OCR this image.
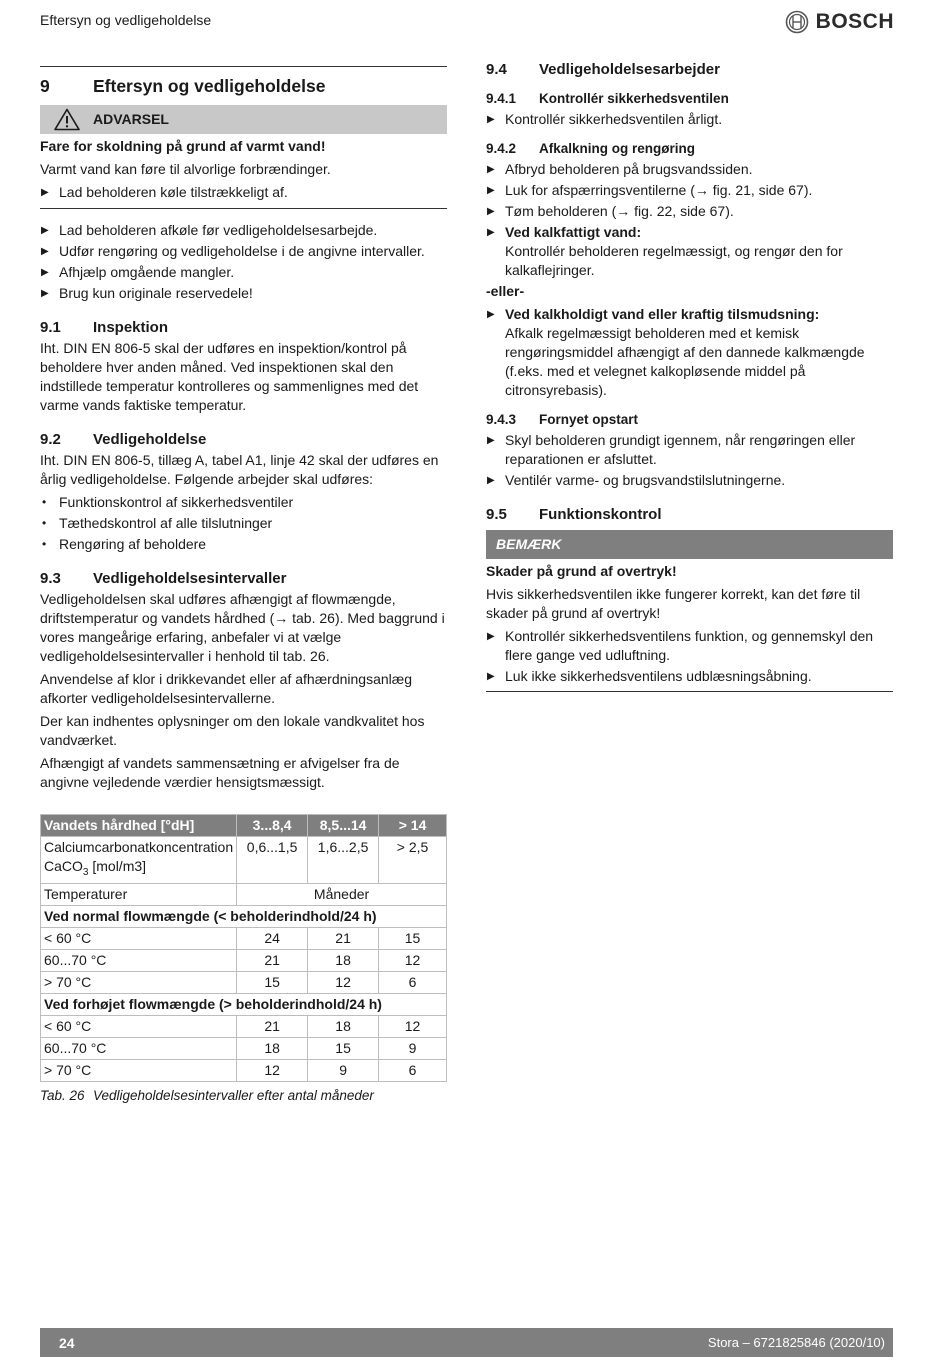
Eftersyn og vedligeholdelse	BOSCH
9	Eftersyn og vedligeholdelse
ADVARSEL

Fare for skoldning på grund af varmt vand!

Varmt vand kan føre til alvorlige forbrændinger.

▶ Lad beholderen køle tilstrækkeligt af.
▶ Lad beholderen afkøle før vedligeholdelsesarbejde.
▶ Udfør rengøring og vedligeholdelse i de angivne intervaller.
▶ Afhjælp omgående mangler.
▶ Brug kun originale reservedele!
9.1	Inspektion

Iht. DIN EN 806-5 skal der udføres en inspektion/kontrol på beholdere hver anden måned. Ved inspektionen skal den indstillede temperatur kontrolleres og sammenlignes med det varme vands faktiske temperatur.

9.2	Vedligeholdelse

Iht. DIN EN 806-5, tillæg A, tabel A1, linje 42 skal der udføres en årlig vedligeholdelse. Følgende arbejder skal udføres:

• Funktionskontrol af sikkerhedsventiler
• Tæthedskontrol af alle tilslutninger
• Rengøring af beholdere
9.3	Vedligeholdelsesintervaller

Vedligeholdelsen skal udføres afhængigt af flowmængde, driftstemperatur og vandets hårdhed (→ tab. 26). Med baggrund i vores mangeårige erfaring, anbefaler vi at vælge vedligeholdelsesintervaller i henhold til tab. 26.

Anvendelse af klor i drikkevandet eller af afhærdningsanlæg afkorter vedligeholdelsesintervallerne.

Der kan indhentes oplysninger om den lokale vandkvalitet hos vandværket.

Afhængigt af vandets sammensætning er afvigelser fra de angivne vejledende værdier hensigtsmæssigt.

Vandets hårdhed [°dH]	3...8,4	8,5...14	> 14
Calciumcarbonatkoncentration
CaCO$_3$ [mol/m3]	0,6...1,5	1,6...2,5	> 2,5
Temperaturer	Måneder		
Ved normal flowmængde (< beholderindhold/24 h)			
< 60 °C	24	21	15
60...70 °C	21	18	12
> 70 °C	15	12	6
Ved forhøjet flowmængde (> beholderindhold/24 h)			
< 60 °C	21	18	12
60...70 °C	18	15	9
> 70 °C	12	9	6
Tab. 26 Vedligeholdelsesintervaller efter antal måneder
9.4	Vedligeholdelsesarbejder
9.4.1	Kontrollér sikkerhedsventilen
▶ Kontrollér sikkerhedsventilen årligt.
9.4.2	Afkalkning og rengøring
▶ Afbryd beholderen på brugsvandssiden.
▶ Luk for afspærringsventilerne (→ fig. 21, side 67).
▶ Tøm beholderen (→ fig. 22, side 67).
▶ Ved kalkfattigt vand:
Kontrollér beholderen regelmæssigt, og rengør den for kalkaflejringer.

-eller-

▶ Ved kalkholdigt vand eller kraftig tilsmudsning:
Afkalk regelmæssigt beholderen med et kemisk rengøringsmiddel afhængigt af den dannede kalkmængde (f.eks. med et velegnet kalkopløsende middel på citronsyrebasis).
9.4.3	Fornyet opstart
▶ Skyl beholderen grundigt igennem, når rengøringen eller reparationen er afsluttet.
▶ Ventilér varme- og brugsvandstilslutningerne.
9.5	Funktionskontrol
BEMÆRK

Skader på grund af overtryk!

Hvis sikkerhedsventilen ikke fungerer korrekt, kan det føre til skader på grund af overtryk!

▶ Kontrollér sikkerhedsventilens funktion, og gennemskyl den flere gange ved udluftning.
▶ Luk ikke sikkerhedsventilens udblæsningsåbning.
24	Stora – 6721825846 (2020/10)
